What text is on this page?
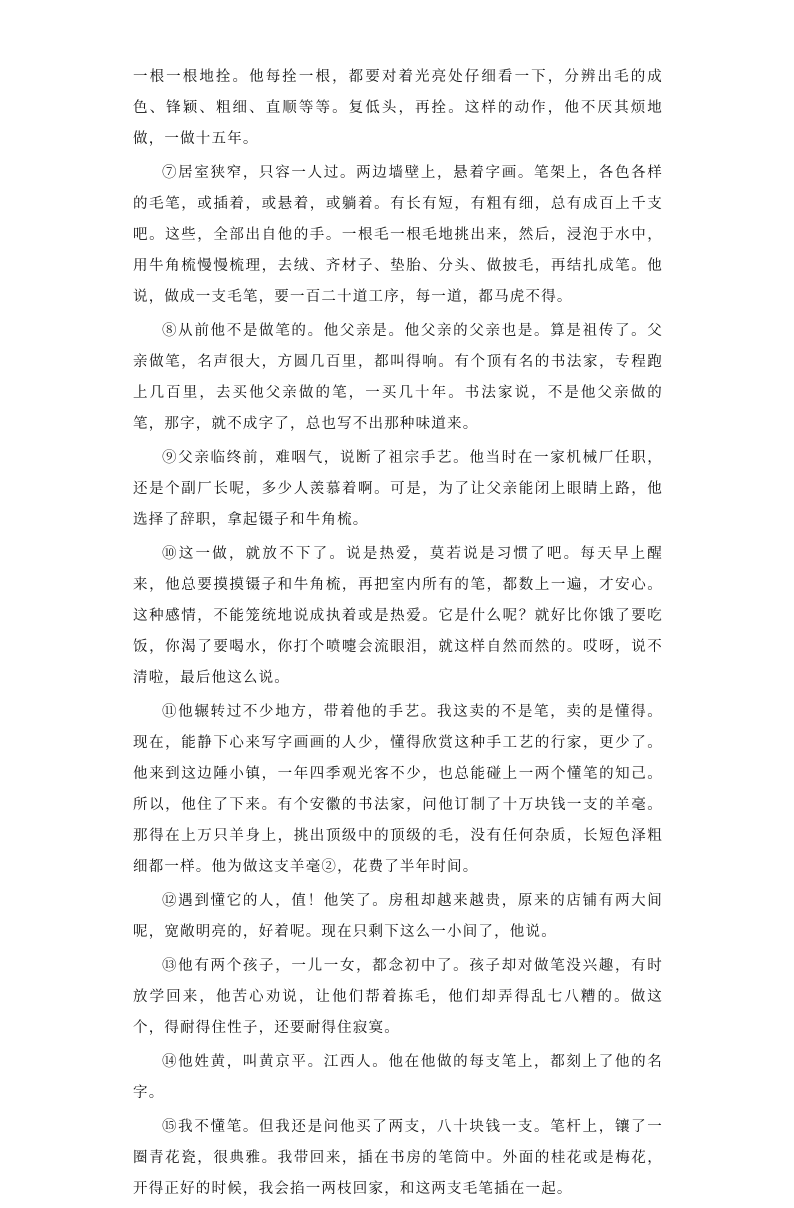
一根一根地拴。他每拴一根，都要对着光亮处仔细看一下，分辨出毛的成色、锋颖、粗细、直顺等等。复低头，再拴。这样的动作，他不厌其烦地做，一做十五年。

⑦居室狭窄，只容一人过。两边墙壁上，悬着字画。笔架上，各色各样的毛笔，或插着，或悬着，或躺着。有长有短，有粗有细，总有成百上千支吧。这些，全部出自他的手。一根毛一根毛地挑出来，然后，浸泡于水中，用牛角梳慢慢梳理，去绒、齐材子、垫胎、分头、做披毛，再结扎成笔。他说，做成一支毛笔，要一百二十道工序，每一道，都马虎不得。

⑧从前他不是做笔的。他父亲是。他父亲的父亲也是。算是祖传了。父亲做笔，名声很大，方圆几百里，都叫得响。有个顶有名的书法家，专程跑上几百里，去买他父亲做的笔，一买几十年。书法家说，不是他父亲做的笔，那字，就不成字了，总也写不出那种味道来。

⑨父亲临终前，难咽气，说断了祖宗手艺。他当时在一家机械厂任职，还是个副厂长呢，多少人羡慕着啊。可是，为了让父亲能闭上眼睛上路，他选择了辞职，拿起镊子和牛角梳。

⑩这一做，就放不下了。说是热爱，莫若说是习惯了吧。每天早上醒来，他总要摸摸镊子和牛角梳，再把室内所有的笔，都数上一遍，才安心。这种感情，不能笼统地说成执着或是热爱。它是什么呢？就好比你饿了要吃饭，你渴了要喝水，你打个喷嚏会流眼泪，就这样自然而然的。哎呀，说不清啦，最后他这么说。

⑪他辗转过不少地方，带着他的手艺。我这卖的不是笔，卖的是懂得。现在，能静下心来写字画画的人少，懂得欣赏这种手工艺的行家，更少了。他来到这边陲小镇，一年四季观光客不少，也总能碰上一两个懂笔的知己。所以，他住了下来。有个安徽的书法家，问他订制了十万块钱一支的羊毫。那得在上万只羊身上，挑出顶级中的顶级的毛，没有任何杂质，长短色泽粗细都一样。他为做这支羊毫②，花费了半年时间。

⑫遇到懂它的人，值！他笑了。房租却越来越贵，原来的店铺有两大间呢，宽敞明亮的，好着呢。现在只剩下这么一小间了，他说。

⑬他有两个孩子，一儿一女，都念初中了。孩子却对做笔没兴趣，有时放学回来，他苦心劝说，让他们帮着拣毛，他们却弄得乱七八糟的。做这个，得耐得住性子，还要耐得住寂寞。

⑭他姓黄，叫黄京平。江西人。他在他做的每支笔上，都刻上了他的名字。

⑮我不懂笔。但我还是问他买了两支，八十块钱一支。笔杆上，镶了一圈青花瓷，很典雅。我带回来，插在书房的笔筒中。外面的桂花或是梅花，开得正好的时候，我会掐一两枝回家，和这两支毛笔插在一起。
